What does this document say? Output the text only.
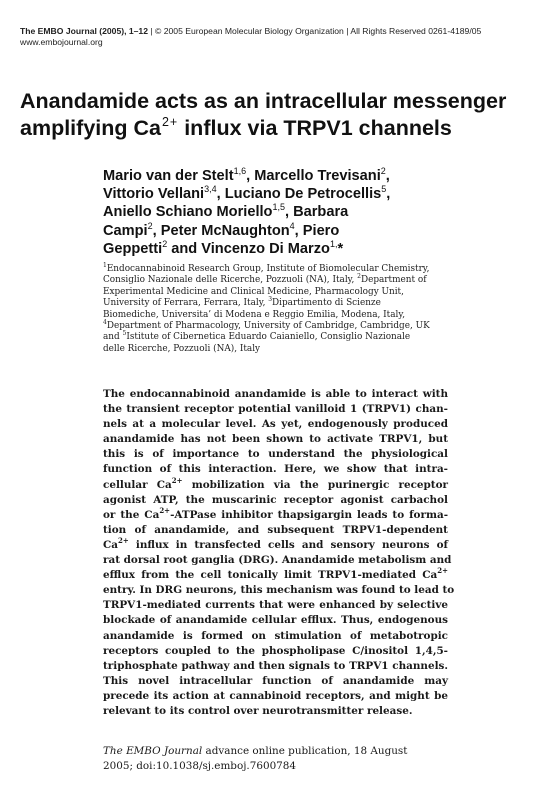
The EMBO Journal (2005), 1–12 | © 2005 European Molecular Biology Organization | All Rights Reserved 0261-4189/05
www.embojournal.org
Anandamide acts as an intracellular messenger
amplifying $Ca^{2+}$ influx via TRPV1 channels
Mario van der Stelt$^{1,6}$, Marcello Trevisani$^2$,
Vittorio Vellani$^{3,4}$, Luciano De Petrocellis$^5$,
Aniello Schiano Moriello$^{1,5}$, Barbara
Campi$^2$, Peter McNaughton$^4$, Piero
Geppetti$^2$ and Vincenzo Di Marzo$^{1,}$*
$^1$Endocannabinoid Research Group, Institute of Biomolecular Chemistry,
Consiglio Nazionale delle Ricerche, Pozzuoli (NA), Italy, $^2$Department of
Experimental Medicine and Clinical Medicine, Pharmacology Unit,
University of Ferrara, Ferrara, Italy, $^3$Dipartimento di Scienze
Biomediche, Universita’ di Modena e Reggio Emilia, Modena, Italy,
$^4$Department of Pharmacology, University of Cambridge, Cambridge, UK
and $^5$Istitute of Cibernetica Eduardo Caianiello, Consiglio Nazionale
delle Ricerche, Pozzuoli (NA), Italy
The endocannabinoid anandamide is able to interact with
the transient receptor potential vanilloid 1 (TRPV1) chan-
nels at a molecular level. As yet, endogenously produced
anandamide has not been shown to activate TRPV1, but
this is of importance to understand the physiological
function of this interaction. Here, we show that intra-
cellular $Ca^{2+}$ mobilization via the purinergic receptor
agonist ATP, the muscarinic receptor agonist carbachol
or the $Ca^{2+}$-ATPase inhibitor thapsigargin leads to forma-
tion of anandamide, and subsequent TRPV1-dependent
$Ca^{2+}$ influx in transfected cells and sensory neurons of
rat dorsal root ganglia (DRG). Anandamide metabolism and
efflux from the cell tonically limit TRPV1-mediated $Ca^{2+}$
entry. In DRG neurons, this mechanism was found to lead to
TRPV1-mediated currents that were enhanced by selective
blockade of anandamide cellular efflux. Thus, endogenous
anandamide is formed on stimulation of metabotropic
receptors coupled to the phospholipase C/inositol 1,4,5-
triphosphate pathway and then signals to TRPV1 channels.
This novel intracellular function of anandamide may
precede its action at cannabinoid receptors, and might be
relevant to its control over neurotransmitter release.
The EMBO Journal advance online publication, 18 August
2005; doi:10.1038/sj.emboj.7600784
